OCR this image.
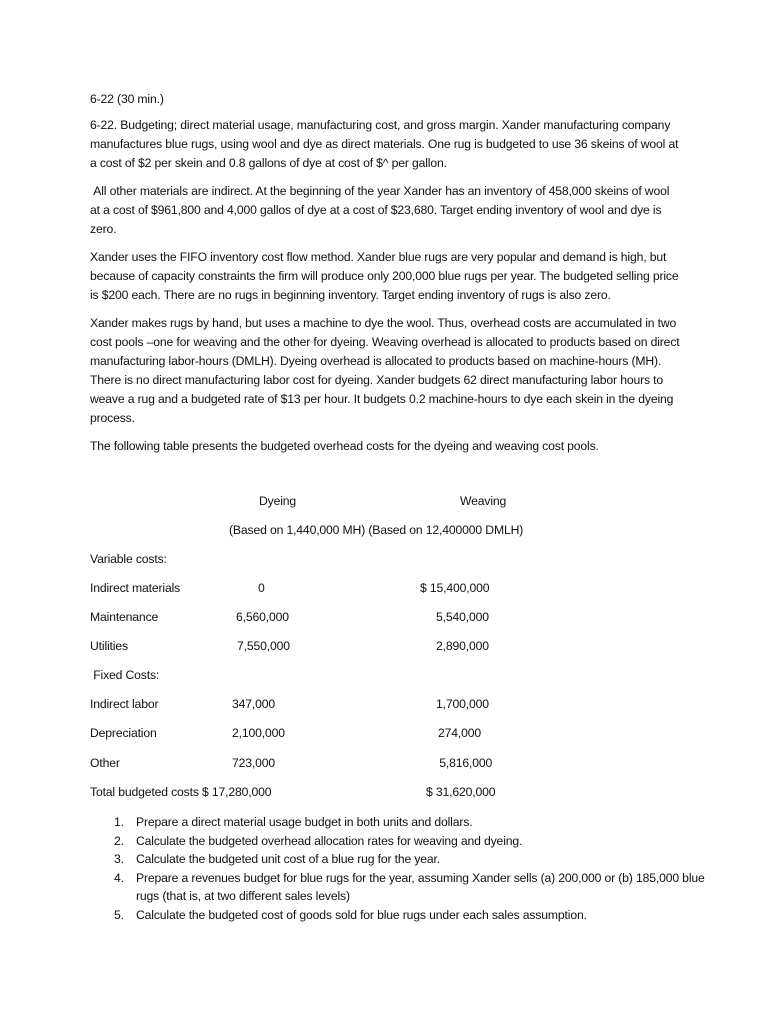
6-22 (30 min.)

6-22. Budgeting; direct material usage, manufacturing cost, and gross margin. Xander manufacturing company manufactures blue rugs, using wool and dye as direct materials. One rug is budgeted to use 36 skeins of wool at a cost of $2 per skein and 0.8 gallons of dye at cost of $^ per gallon.

All other materials are indirect. At the beginning of the year Xander has an inventory of 458,000 skeins of wool at a cost of $961,800 and 4,000 gallos of dye at a cost of $23,680. Target ending inventory of wool and dye is zero.

Xander uses the FIFO inventory cost flow method. Xander blue rugs are very popular and demand is high, but because of capacity constraints the firm will produce only 200,000 blue rugs per year. The budgeted selling price is $200 each. There are no rugs in beginning inventory. Target ending inventory of rugs is also zero.

Xander makes rugs by hand, but uses a machine to dye the wool. Thus, overhead costs are accumulated in two cost pools –one for weaving and the other for dyeing. Weaving overhead is allocated to products based on direct manufacturing labor-hours (DMLH). Dyeing overhead is allocated to products based on machine-hours (MH). There is no direct manufacturing labor cost for dyeing. Xander budgets 62 direct manufacturing labor hours to weave a rug and a budgeted rate of $13 per hour. It budgets 0.2 machine-hours to dye each skein in the dyeing process.

The following table presents the budgeted overhead costs for the dyeing and weaving cost pools.

Dyeing	Weaving
(Based on 1,440,000 MH) (Based on 12,400000 DMLH)
Variable costs:
Indirect materials	0	$ 15,400,000
Maintenance	6,560,000	5,540,000
Utilities	7,550,000	2,890,000
Fixed Costs:
Indirect labor	347,000	1,700,000
Depreciation	2,100,000	274,000
Other	723,000	5,816,000
Total budgeted costs $ 17,280,000	$ 31,620,000
Prepare a direct material usage budget in both units and dollars.
Calculate the budgeted overhead allocation rates for weaving and dyeing.
Calculate the budgeted unit cost of a blue rug for the year.
Prepare a revenues budget for blue rugs for the year, assuming Xander sells (a) 200,000 or (b) 185,000 blue rugs (that is, at two different sales levels)
Calculate the budgeted cost of goods sold for blue rugs under each sales assumption.
